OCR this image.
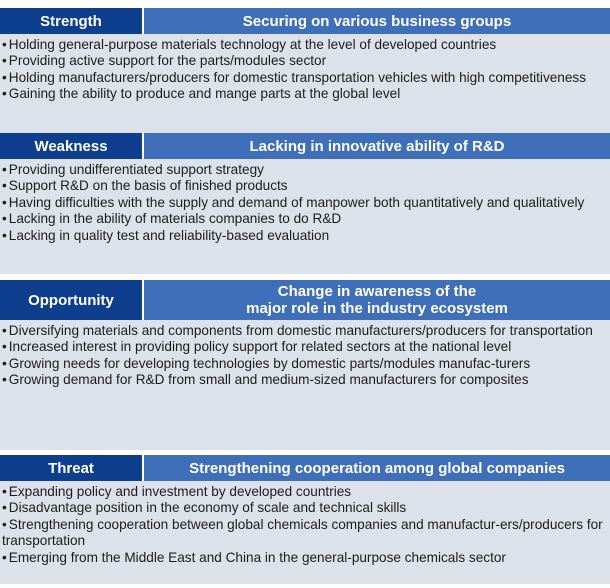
Strength	Securing on various business groups

• Holding general-purpose materials technology at the level of developed countries

• Providing active support for the parts/modules sector

• Holding manufacturers/producers for domestic transportation vehicles with high competitiveness

• Gaining the ability to produce and mange parts at the global level

Weakness	Lacking in innovative ability of R&D

• Providing undifferentiated support strategy

• Support R&D on the basis of finished products

• Having difficulties with the supply and demand of manpower both quantitatively and qualitatively

• Lacking in the ability of materials companies to do R&D

• Lacking in quality test and reliability-based evaluation

Opportunity	Change in awareness of the
major role in the industry ecosystem

• Diversifying materials and components from domestic manufacturers/producers for transportation

• Increased interest in providing policy support for related sectors at the national level

• Growing needs for developing technologies by domestic parts/modules manufac-turers

• Growing demand for R&D from small and medium-sized manufacturers for composites

Threat	Strengthening cooperation among global companies

• Expanding policy and investment by developed countries

• Disadvantage position in the economy of scale and technical skills

• Strengthening cooperation between global chemicals companies and manufactur-ers/producers for transportation

• Emerging from the Middle East and China in the general-purpose chemicals sector
